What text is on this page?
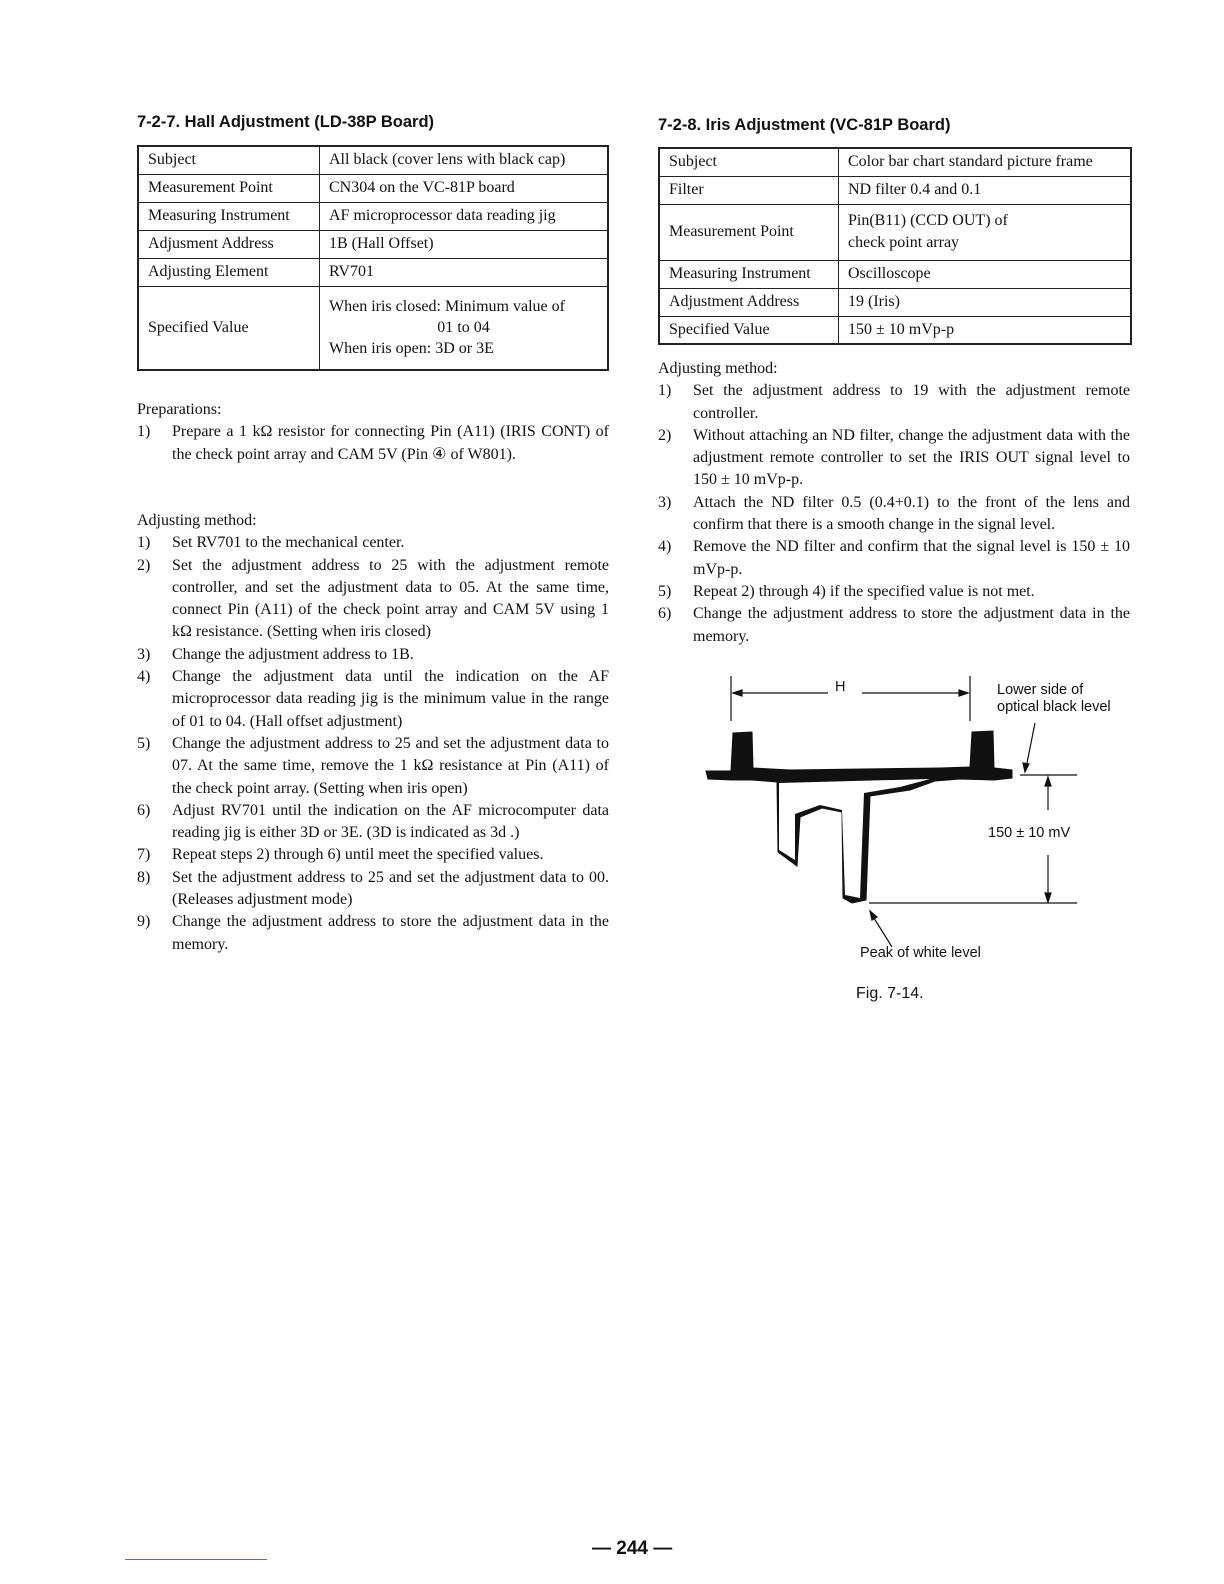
7-2-7. Hall Adjustment (LD-38P Board)
Subject	All black (cover lens with black cap)
Measurement Point	CN304 on the VC-81P board
Measuring Instrument	AF microprocessor data reading jig
Adjusment Address	1B (Hall Offset)
Adjusting Element	RV701
Specified Value	When iris closed: Minimum value of
01 to 04
When iris open: 3D or 3E

Preparations:

1)	Prepare a 1 kΩ resistor for connecting Pin (A11) (IRIS CONT) of the check point array and CAM 5V (Pin ④ of W801).

Adjusting method:

1)	Set RV701 to the mechanical center.
2)	Set the adjustment address to 25 with the adjustment remote controller, and set the adjustment data to 05. At the same time, connect Pin (A11) of the check point array and CAM 5V using 1 kΩ resistance. (Setting when iris closed)
3)	Change the adjustment address to 1B.
4)	Change the adjustment data until the indication on the AF microprocessor data reading jig is the minimum value in the range of 01 to 04. (Hall offset adjustment)
5)	Change the adjustment address to 25 and set the adjustment data to 07. At the same time, remove the 1 kΩ resistance at Pin (A11) of the check point array. (Setting when iris open)
6)	Adjust RV701 until the indication on the AF microcomputer data reading jig is either 3D or 3E. (3D is indicated as 3d .)
7)	Repeat steps 2) through 6) until meet the specified values.
8)	Set the adjustment address to 25 and set the adjustment data to 00. (Releases adjustment mode)
9)	Change the adjustment address to store the adjustment data in the memory.
7-2-8. Iris Adjustment (VC-81P Board)
Subject	Color bar chart standard picture frame
Filter	ND filter 0.4 and 0.1
Measurement Point	Pin(B11) (CCD OUT) of
check point array

Measuring Instrument	Oscilloscope
Adjustment Address	19 (Iris)
Specified Value	150 ± 10 mVp-p

Adjusting method:

1)	Set the adjustment address to 19 with the adjustment remote controller.
2)	Without attaching an ND filter, change the adjustment data with the adjustment remote controller to set the IRIS OUT signal level to 150 ± 10 mVp-p.
3)	Attach the ND filter 0.5 (0.4+0.1) to the front of the lens and confirm that there is a smooth change in the signal level.
4)	Remove the ND filter and confirm that the signal level is 150 ± 10 mVp-p.
5)	Repeat 2) through 4) if the specified value is not met.
6)	Change the adjustment address to store the adjustment data in the memory.
H	Lower side of
optical black level
150 ± 10 mV
Peak of white level
Fig. 7-14.
— 244 —
